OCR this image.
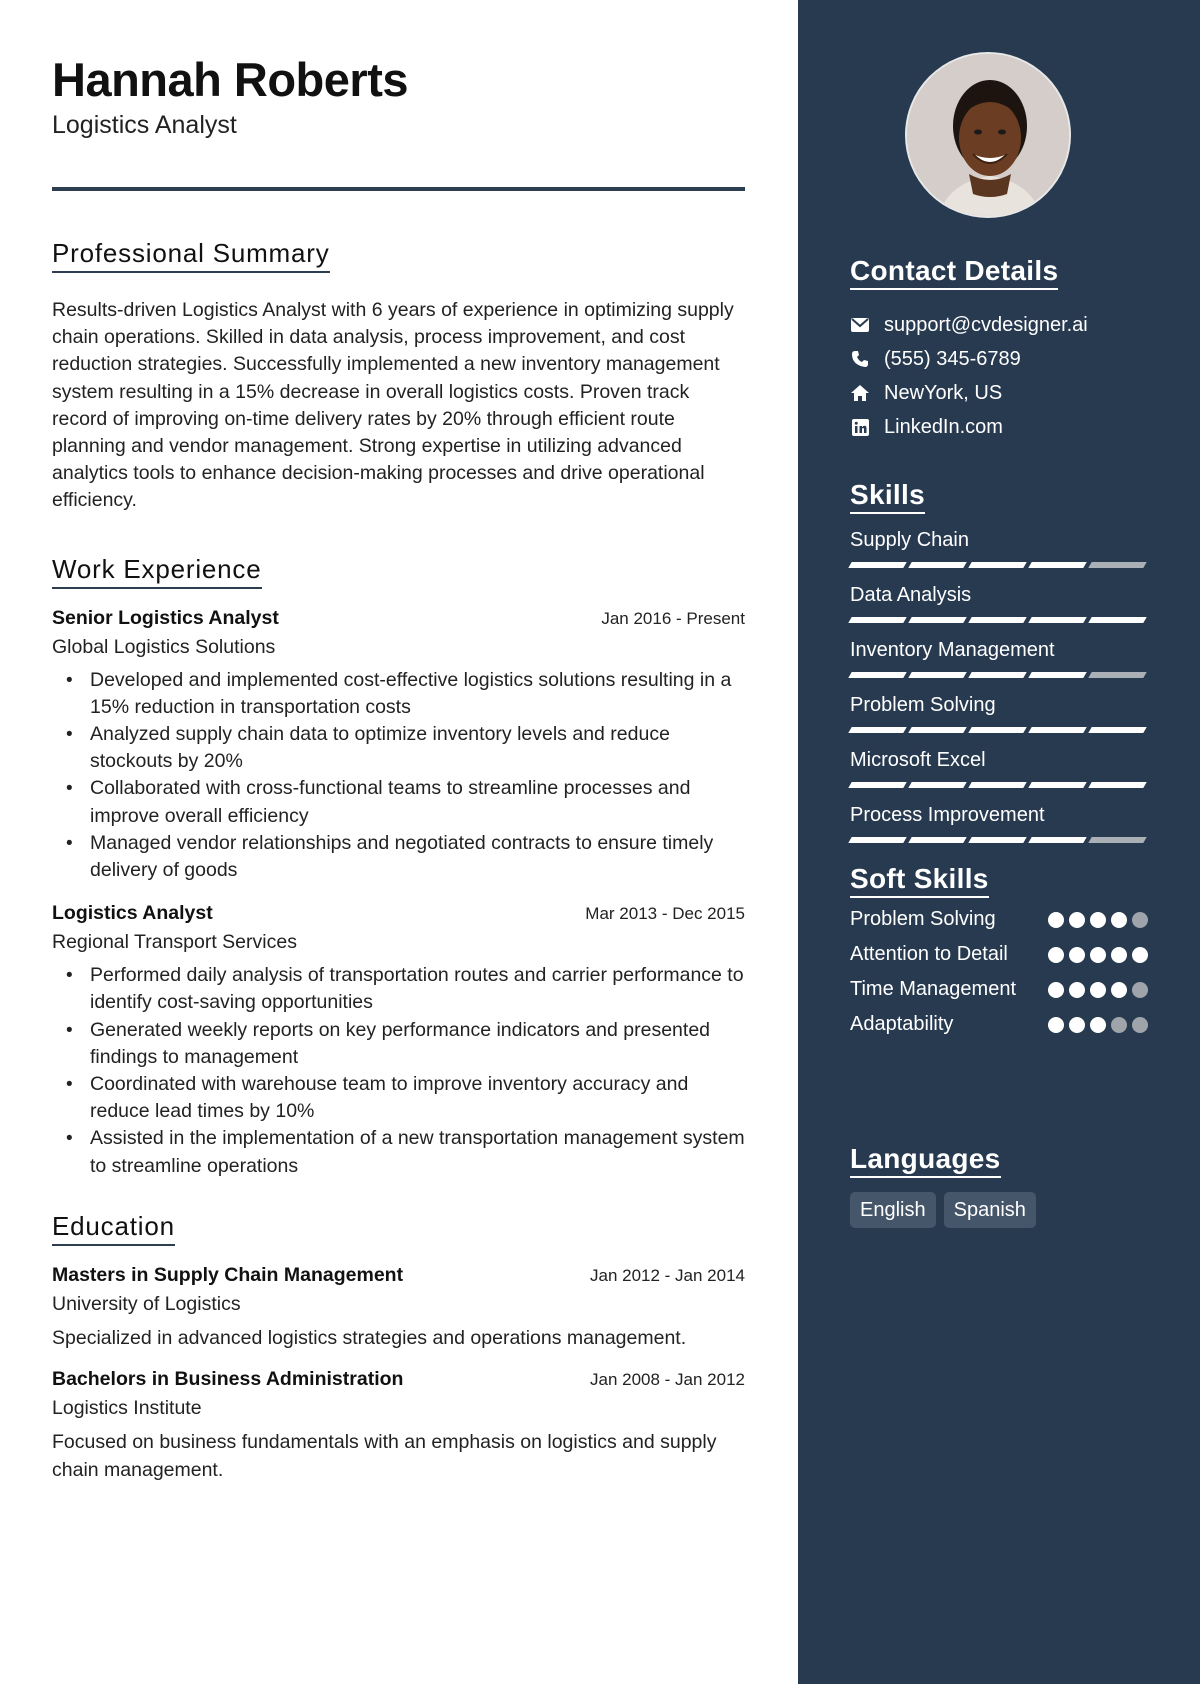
Hannah Roberts
Logistics Analyst
Professional Summary

Results-driven Logistics Analyst with 6 years of experience in optimizing supply chain operations. Skilled in data analysis, process improvement, and cost reduction strategies. Successfully implemented a new inventory management system resulting in a 15% decrease in overall logistics costs. Proven track record of improving on-time delivery rates by 20% through efficient route planning and vendor management. Strong expertise in utilizing advanced analytics tools to enhance decision-making processes and drive operational efficiency.

Work Experience
Senior Logistics Analyst	Jan 2016 - Present
Global Logistics Solutions
• Developed and implemented cost-effective logistics solutions resulting in a 15% reduction in transportation costs
• Analyzed supply chain data to optimize inventory levels and reduce stockouts by 20%
• Collaborated with cross-functional teams to streamline processes and improve overall efficiency
• Managed vendor relationships and negotiated contracts to ensure timely delivery of goods
Logistics Analyst	Mar 2013 - Dec 2015
Regional Transport Services
• Performed daily analysis of transportation routes and carrier performance to identify cost-saving opportunities
• Generated weekly reports on key performance indicators and presented findings to management
• Coordinated with warehouse team to improve inventory accuracy and reduce lead times by 10%
• Assisted in the implementation of a new transportation management system to streamline operations
Education
Masters in Supply Chain Management	Jan 2012 - Jan 2014
University of Logistics

Specialized in advanced logistics strategies and operations management.

Bachelors in Business Administration	Jan 2008 - Jan 2012
Logistics Institute

Focused on business fundamentals with an emphasis on logistics and supply chain management.

Contact Details
support@cvdesigner.ai
(555) 345-6789
NewYork, US
LinkedIn.com
Skills
Supply Chain
Data Analysis
Inventory Management
Problem Solving
Microsoft Excel
Process Improvement
Soft Skills
Problem Solving
Attention to Detail
Time Management
Adaptability
Languages
English	Spanish
